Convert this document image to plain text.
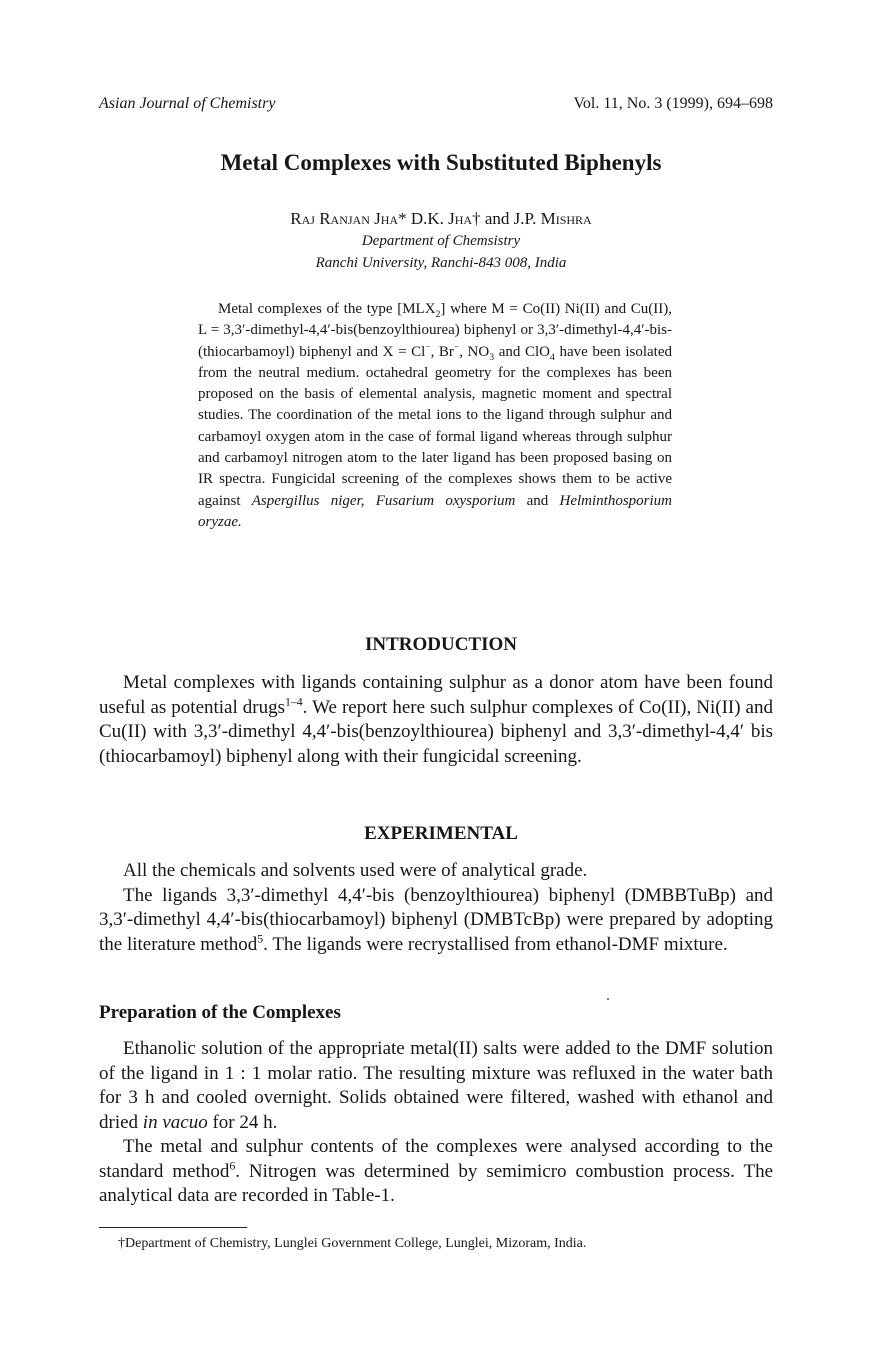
Asian Journal of Chemistry	Vol. 11, No. 3 (1999), 694–698
Metal Complexes with Substituted Biphenyls
Raj Ranjan Jha* D.K. Jha† and J.P. Mishra
Department of Chemsistry
Ranchi University, Ranchi-843 008, India

Metal complexes of the type $[MLX_2]$ where M = Co(II) Ni(II) and Cu(II), L = 3,3′-dimethyl-4,4′-bis(benzoylthiourea) biphenyl or 3,3′-dimethyl-4,4′-bis-(thiocarbamoyl) biphenyl and X = Cl−, Br−, $NO_3$ and ClO$_4$ have been isolated from the neutral medium. octahedral geometry for the complexes has been proposed on the basis of elemental analysis, magnetic moment and spectral studies. The coordination of the metal ions to the ligand through sulphur and carbamoyl oxygen atom in the case of formal ligand whereas through sulphur and carbamoyl nitrogen atom to the later ligand has been proposed basing on IR spectra. Fungicidal screening of the complexes shows them to be active against Aspergillus niger, Fusarium oxysporium and Helminthosporium oryzae.

INTRODUCTION

Metal complexes with ligands containing sulphur as a donor atom have been found useful as potential drugs$^{1-4}$. We report here such sulphur complexes of Co(II), Ni(II) and Cu(II) with 3,3′-dimethyl 4,4′-bis(benzoylthiourea) biphenyl and 3,3′-dimethyl-4,4′ bis (thiocarbamoyl) biphenyl along with their fungicidal screening.

EXPERIMENTAL

All the chemicals and solvents used were of analytical grade.

The ligands 3,3′-dimethyl 4,4′-bis (benzoylthiourea) biphenyl (DMBBTuBp) and 3,3′-dimethyl 4,4′-bis(thiocarbamoyl) biphenyl (DMBTcBp) were prepared by adopting the literature method$^5$. The ligands were recrystallised from ethanol-DMF mixture.

Preparation of the Complexes

Ethanolic solution of the appropriate metal(II) salts were added to the DMF solution of the ligand in 1 : 1 molar ratio. The resulting mixture was refluxed in the water bath for 3 h and cooled overnight. Solids obtained were filtered, washed with ethanol and dried in vacuo for 24 h.

The metal and sulphur contents of the complexes were analysed according to the standard method$^6$. Nitrogen was determined by semimicro combustion process. The analytical data are recorded in Table-1.

†Department of Chemistry, Lunglei Government College, Lunglei, Mizoram, India.
